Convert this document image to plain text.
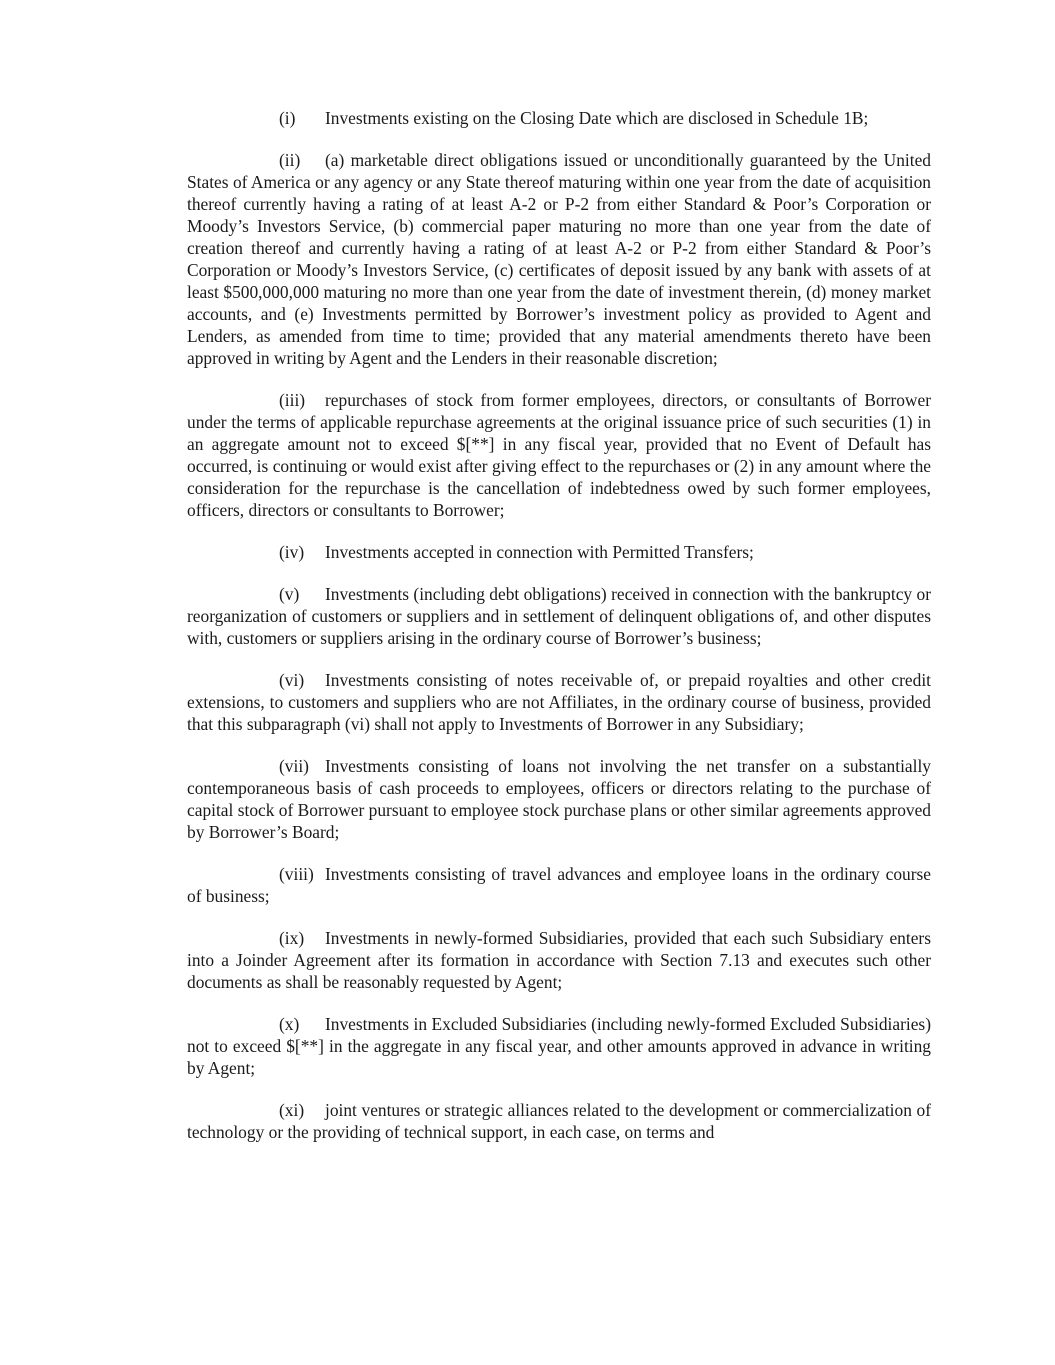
(i) Investments existing on the Closing Date which are disclosed in Schedule 1B;

(ii) (a) marketable direct obligations issued or unconditionally guaranteed by the United States of America or any agency or any State thereof maturing within one year from the date of acquisition thereof currently having a rating of at least A-2 or P-2 from either Standard & Poor’s Corporation or Moody’s Investors Service, (b) commercial paper maturing no more than one year from the date of creation thereof and currently having a rating of at least A-2 or P-2 from either Standard & Poor’s Corporation or Moody’s Investors Service, (c) certificates of deposit issued by any bank with assets of at least $500,000,000 maturing no more than one year from the date of investment therein, (d) money market accounts, and (e) Investments permitted by Borrower’s investment policy as provided to Agent and Lenders, as amended from time to time; provided that any material amendments thereto have been approved in writing by Agent and the Lenders in their reasonable discretion;

(iii) repurchases of stock from former employees, directors, or consultants of Borrower under the terms of applicable repurchase agreements at the original issuance price of such securities (1) in an aggregate amount not to exceed $[**] in any fiscal year, provided that no Event of Default has occurred, is continuing or would exist after giving effect to the repurchases or (2) in any amount where the consideration for the repurchase is the cancellation of indebtedness owed by such former employees, officers, directors or consultants to Borrower;

(iv) Investments accepted in connection with Permitted Transfers;

(v) Investments (including debt obligations) received in connection with the bankruptcy or reorganization of customers or suppliers and in settlement of delinquent obligations of, and other disputes with, customers or suppliers arising in the ordinary course of Borrower’s business;

(vi) Investments consisting of notes receivable of, or prepaid royalties and other credit extensions, to customers and suppliers who are not Affiliates, in the ordinary course of business, provided that this subparagraph (vi) shall not apply to Investments of Borrower in any Subsidiary;

(vii) Investments consisting of loans not involving the net transfer on a substantially contemporaneous basis of cash proceeds to employees, officers or directors relating to the purchase of capital stock of Borrower pursuant to employee stock purchase plans or other similar agreements approved by Borrower’s Board;

(viii) Investments consisting of travel advances and employee loans in the ordinary course of business;

(ix) Investments in newly-formed Subsidiaries, provided that each such Subsidiary enters into a Joinder Agreement after its formation in accordance with Section 7.13 and executes such other documents as shall be reasonably requested by Agent;

(x) Investments in Excluded Subsidiaries (including newly-formed Excluded Subsidiaries) not to exceed $[**] in the aggregate in any fiscal year, and other amounts approved in advance in writing by Agent;

(xi) joint ventures or strategic alliances related to the development or commercialization of technology or the providing of technical support, in each case, on terms and
